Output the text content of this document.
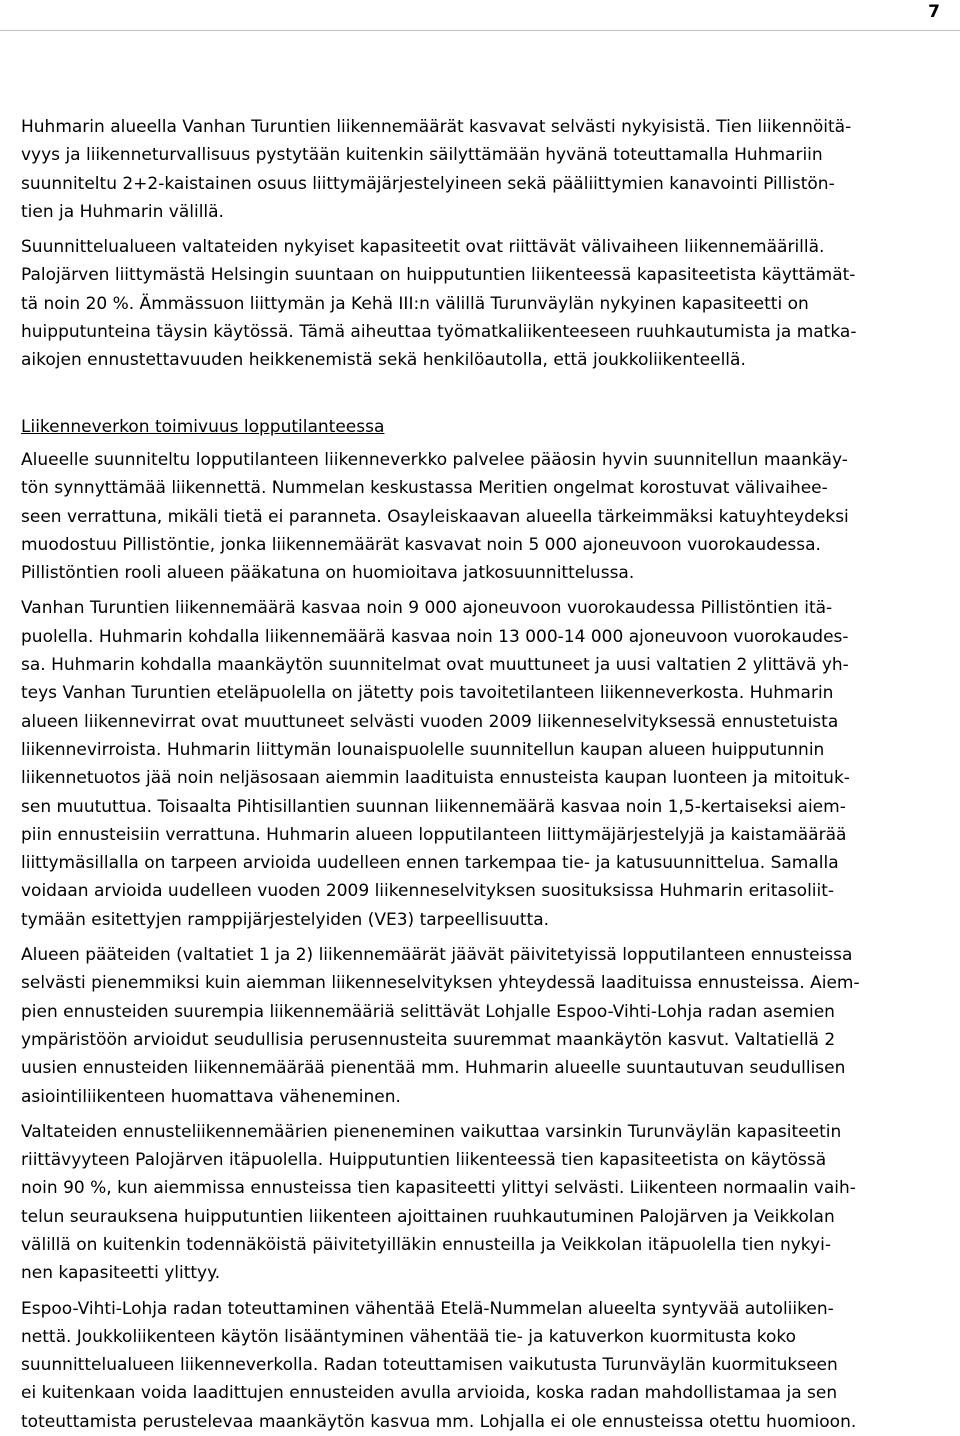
7

Huhmarin alueella Vanhan Turuntien liikennemäärät kasvavat selvästi nykyisistä. Tien liikennöitä-
vyys ja liikenneturvallisuus pystytään kuitenkin säilyttämään hyvänä toteuttamalla Huhmariin
suunniteltu 2+2-kaistainen osuus liittymäjärjestelyineen sekä pääliittymien kanavointi Pillistön-
tien ja Huhmarin välillä.

Suunnittelualueen valtateiden nykyiset kapasiteetit ovat riittävät välivaiheen liikennemäärillä.
Palojärven liittymästä Helsingin suuntaan on huipputuntien liikenteessä kapasiteetista käyttämät-
tä noin 20 %. Ämmässuon liittymän ja Kehä III:n välillä Turunväylän nykyinen kapasiteetti on
huipputunteina täysin käytössä. Tämä aiheuttaa työmatkaliikenteeseen ruuhkautumista ja matka-
aikojen ennustettavuuden heikkenemistä sekä henkilöautolla, että joukkoliikenteellä.

Liikenneverkon toimivuus lopputilanteessa

Alueelle suunniteltu lopputilanteen liikenneverkko palvelee pääosin hyvin suunnitellun maankäy-
tön synnyttämää liikennettä. Nummelan keskustassa Meritien ongelmat korostuvat välivaihee-
seen verrattuna, mikäli tietä ei paranneta. Osayleiskaavan alueella tärkeimmäksi katuyhteydeksi
muodostuu Pillistöntie, jonka liikennemäärät kasvavat noin 5 000 ajoneuvoon vuorokaudessa.
Pillistöntien rooli alueen pääkatuna on huomioitava jatkosuunnittelussa.

Vanhan Turuntien liikennemäärä kasvaa noin 9 000 ajoneuvoon vuorokaudessa Pillistöntien itä-
puolella. Huhmarin kohdalla liikennemäärä kasvaa noin 13 000-14 000 ajoneuvoon vuorokaudes-
sa. Huhmarin kohdalla maankäytön suunnitelmat ovat muuttuneet ja uusi valtatien 2 ylittävä yh-
teys Vanhan Turuntien eteläpuolella on jätetty pois tavoitetilanteen liikenneverkosta. Huhmarin
alueen liikennevirrat ovat muuttuneet selvästi vuoden 2009 liikenneselvityksessä ennustetuista
liikennevirroista. Huhmarin liittymän lounaispuolelle suunnitellun kaupan alueen huipputunnin
liikennetuotos jää noin neljäsosaan aiemmin laadituista ennusteista kaupan luonteen ja mitoituk-
sen muututtua. Toisaalta Pihtisillantien suunnan liikennemäärä kasvaa noin 1,5-kertaiseksi aiem-
piin ennusteisiin verrattuna. Huhmarin alueen lopputilanteen liittymäjärjestelyjä ja kaistamäärää
liittymäsillalla on tarpeen arvioida uudelleen ennen tarkempaa tie- ja katusuunnittelua. Samalla
voidaan arvioida uudelleen vuoden 2009 liikenneselvityksen suosituksissa Huhmarin eritasoliit-
tymään esitettyjen ramppijärjestelyiden (VE3) tarpeellisuutta.

Alueen pääteiden (valtatiet 1 ja 2) liikennemäärät jäävät päivitetyissä lopputilanteen ennusteissa
selvästi pienemmiksi kuin aiemman liikenneselvityksen yhteydessä laadituissa ennusteissa. Aiem-
pien ennusteiden suurempia liikennemääriä selittävät Lohjalle Espoo-Vihti-Lohja radan asemien
ympäristöön arvioidut seudullisia perusennusteita suuremmat maankäytön kasvut. Valtatiellä 2
uusien ennusteiden liikennemäärää pienentää mm. Huhmarin alueelle suuntautuvan seudullisen
asiointiliikenteen huomattava väheneminen.

Valtateiden ennusteliikennemäärien pieneneminen vaikuttaa varsinkin Turunväylän kapasiteetin
riittävyyteen Palojärven itäpuolella. Huipputuntien liikenteessä tien kapasiteetista on käytössä
noin 90 %, kun aiemmissa ennusteissa tien kapasiteetti ylittyi selvästi. Liikenteen normaalin vaih-
telun seurauksena huipputuntien liikenteen ajoittainen ruuhkautuminen Palojärven ja Veikkolan
välillä on kuitenkin todennäköistä päivitetyilläkin ennusteilla ja Veikkolan itäpuolella tien nykyi-
nen kapasiteetti ylittyy.

Espoo-Vihti-Lohja radan toteuttaminen vähentää Etelä-Nummelan alueelta syntyvää autoliiken-
nettä. Joukkoliikenteen käytön lisääntyminen vähentää tie- ja katuverkon kuormitusta koko
suunnittelualueen liikenneverkolla. Radan toteuttamisen vaikutusta Turunväylän kuormitukseen
ei kuitenkaan voida laadittujen ennusteiden avulla arvioida, koska radan mahdollistamaa ja sen
toteuttamista perustelevaa maankäytön kasvua mm. Lohjalla ei ole ennusteissa otettu huomioon.
